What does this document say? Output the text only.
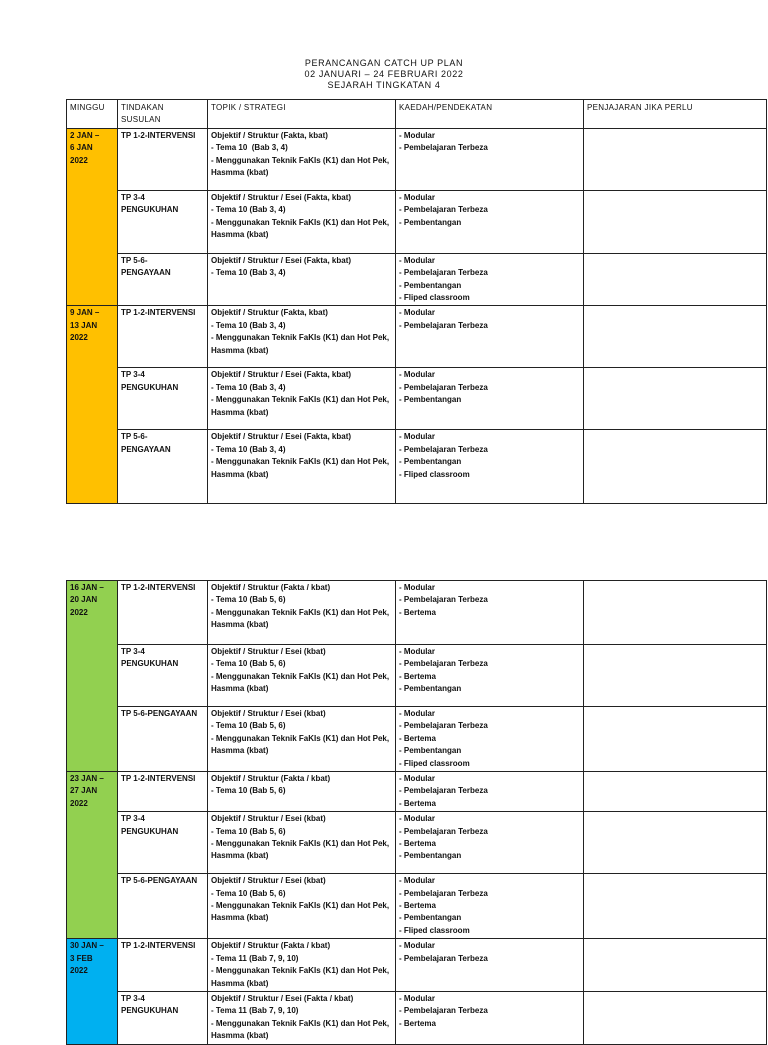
PERANCANGAN CATCH UP PLAN
02 JANUARI – 24 FEBRUARI 2022
SEJARAH TINGKATAN 4
MINGGU	TINDAKAN SUSULAN	TOPIK / STRATEGI	KAEDAH/PENDEKATAN	PENJAJARAN JIKA PERLU

2 JAN –
6 JAN
2022	TP 1-2-INTERVENSI	Objektif / Struktur (Fakta, kbat)
- Tema 10  (Bab 3, 4)
- Menggunakan Teknik FaKIs (K1) dan Hot Pek, Hasmma (kbat)	- Modular
- Pembelajaran Terbeza	

	TP 3-4
PENGUKUHAN	Objektif / Struktur / Esei (Fakta, kbat)
- Tema 10 (Bab 3, 4)
- Menggunakan Teknik FaKIs (K1) dan Hot Pek, Hasmma (kbat)	- Modular
- Pembelajaran Terbeza
- Pembentangan	

	TP 5-6-
PENGAYAAN	Objektif / Struktur / Esei (Fakta, kbat)
- Tema 10 (Bab 3, 4)	- Modular
- Pembelajaran Terbeza
- Pembentangan
- Fliped classroom	

9 JAN –
13 JAN
2022	TP 1-2-INTERVENSI	Objektif / Struktur (Fakta, kbat)
- Tema 10 (Bab 3, 4)
- Menggunakan Teknik FaKIs (K1) dan Hot Pek, Hasmma (kbat)	- Modular
- Pembelajaran Terbeza	

	TP 3-4
PENGUKUHAN	Objektif / Struktur / Esei (Fakta, kbat)
- Tema 10 (Bab 3, 4)
- Menggunakan Teknik FaKIs (K1) dan Hot Pek, Hasmma (kbat)	- Modular
- Pembelajaran Terbeza
- Pembentangan	

	TP 5-6-
PENGAYAAN	Objektif / Struktur / Esei (Fakta, kbat)
- Tema 10 (Bab 3, 4)
- Menggunakan Teknik FaKIs (K1) dan Hot Pek, Hasmma (kbat)	- Modular
- Pembelajaran Terbeza
- Pembentangan
- Fliped classroom	

16 JAN –
20 JAN
2022	TP 1-2-INTERVENSI	Objektif / Struktur (Fakta / kbat)
- Tema 10 (Bab 5, 6)
- Menggunakan Teknik FaKIs (K1) dan Hot Pek, Hasmma (kbat)	- Modular
- Pembelajaran Terbeza
- Bertema	

	TP 3-4
PENGUKUHAN	Objektif / Struktur / Esei (kbat)
- Tema 10 (Bab 5, 6)
- Menggunakan Teknik FaKIs (K1) dan Hot Pek, Hasmma (kbat)	- Modular
- Pembelajaran Terbeza
- Bertema
- Pembentangan	

	TP 5-6-PENGAYAAN	Objektif / Struktur / Esei (kbat)
- Tema 10 (Bab 5, 6)
- Menggunakan Teknik FaKIs (K1) dan Hot Pek, Hasmma (kbat)	- Modular
- Pembelajaran Terbeza
- Bertema
- Pembentangan
- Fliped classroom	

23 JAN –
27 JAN
2022	TP 1-2-INTERVENSI	Objektif / Struktur (Fakta / kbat)
- Tema 10 (Bab 5, 6)	- Modular
- Pembelajaran Terbeza
- Bertema	

	TP 3-4
PENGUKUHAN	Objektif / Struktur / Esei (kbat)
- Tema 10 (Bab 5, 6)
- Menggunakan Teknik FaKIs (K1) dan Hot Pek, Hasmma (kbat)	- Modular
- Pembelajaran Terbeza
- Bertema
- Pembentangan	

	TP 5-6-PENGAYAAN	Objektif / Struktur / Esei (kbat)
- Tema 10 (Bab 5, 6)
- Menggunakan Teknik FaKIs (K1) dan Hot Pek, Hasmma (kbat)	- Modular
- Pembelajaran Terbeza
- Bertema
- Pembentangan
- Fliped classroom	

30 JAN –
3 FEB
2022	TP 1-2-INTERVENSI	Objektif / Struktur (Fakta / kbat)
- Tema 11 (Bab 7, 9, 10)
- Menggunakan Teknik FaKIs (K1) dan Hot Pek, Hasmma (kbat)	- Modular
- Pembelajaran Terbeza	

	TP 3-4
PENGUKUHAN	Objektif / Struktur / Esei (Fakta / kbat)
- Tema 11 (Bab 7, 9, 10)
- Menggunakan Teknik FaKIs (K1) dan Hot Pek, Hasmma (kbat)	- Modular
- Pembelajaran Terbeza
- Bertema	
